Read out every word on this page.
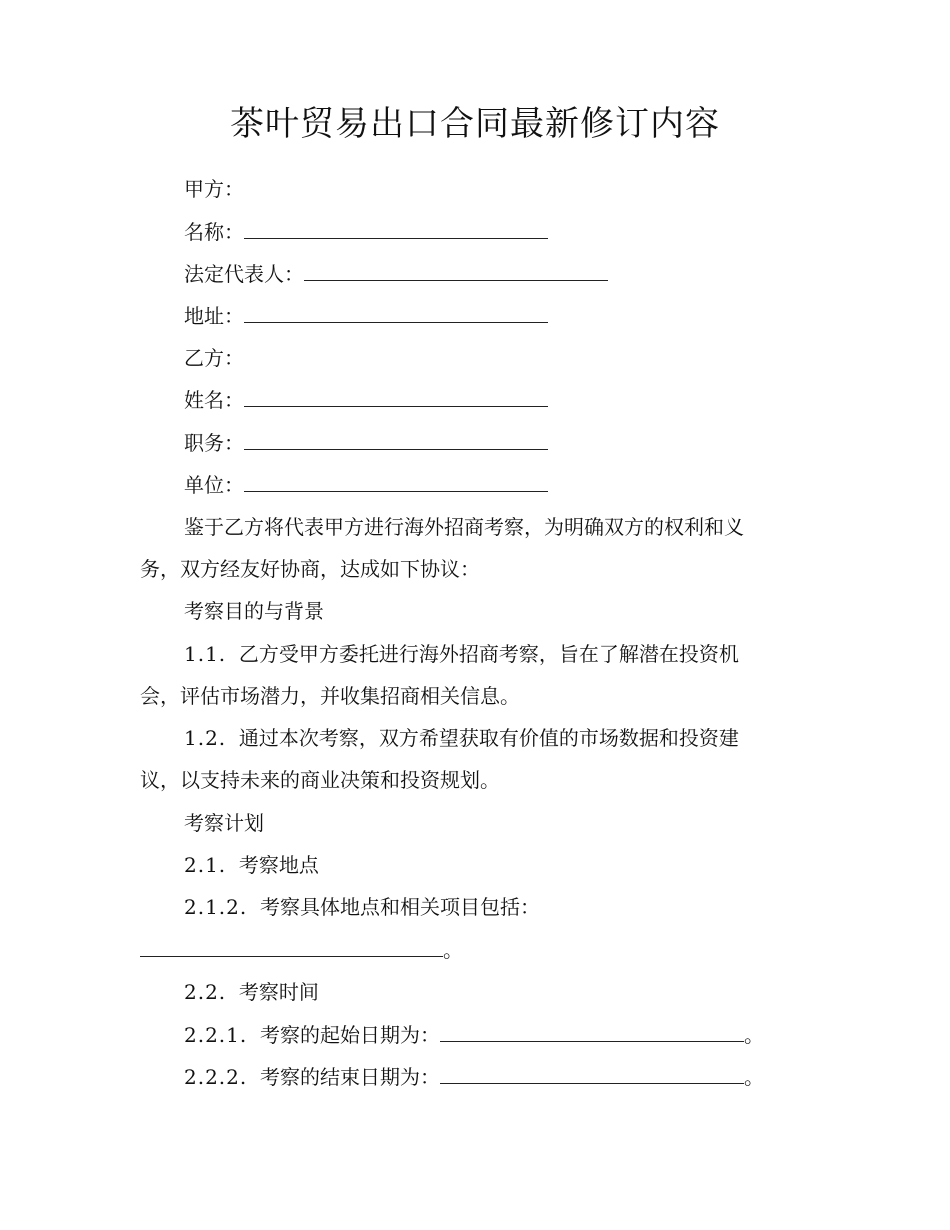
茶叶贸易出口合同最新修订内容
甲方：
名称：
法定代表人：
地址：
乙方：
姓名：
职务：
单位：
鉴于乙方将代表甲方进行海外招商考察，为明确双方的权利和义
务，双方经友好协商，达成如下协议：
考察目的与背景
1.1. 乙方受甲方委托进行海外招商考察，旨在了解潜在投资机
会，评估市场潜力，并收集招商相关信息。
1.2. 通过本次考察，双方希望获取有价值的市场数据和投资建
议，以支持未来的商业决策和投资规划。
考察计划
2.1. 考察地点
2.1.2. 考察具体地点和相关项目包括：
。
2.2. 考察时间
2.2.1. 考察的起始日期为：	。
2.2.2. 考察的结束日期为：	。
